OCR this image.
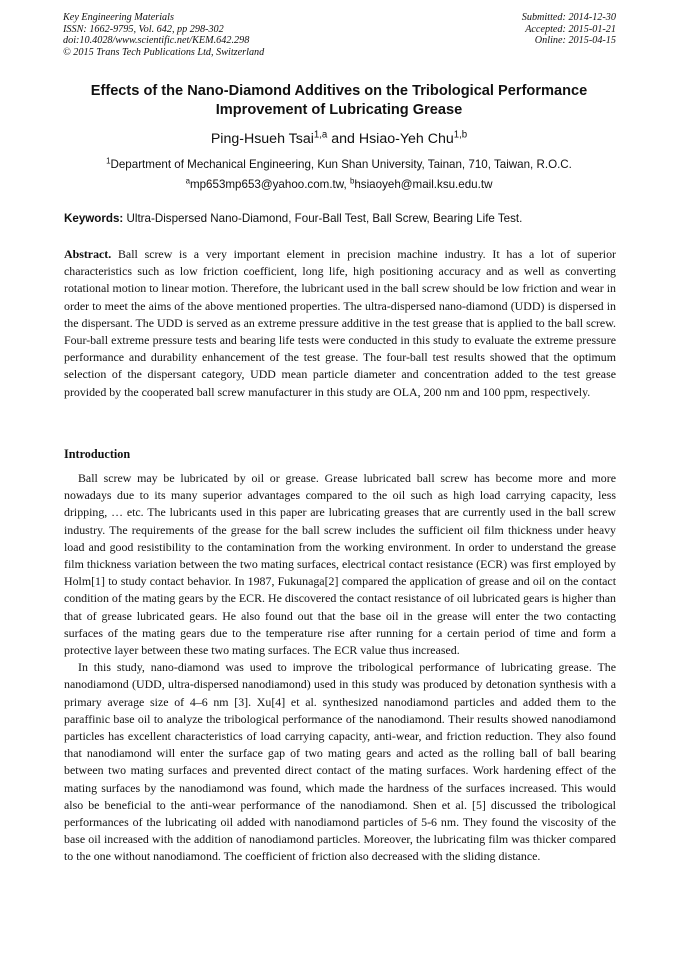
Key Engineering Materials
ISSN: 1662-9795, Vol. 642, pp 298-302
doi:10.4028/www.scientific.net/KEM.642.298
© 2015 Trans Tech Publications Ltd, Switzerland
Submitted: 2014-12-30
Accepted: 2015-01-21
Online: 2015-04-15
Effects of the Nano-Diamond Additives on the Tribological Performance
Improvement of Lubricating Grease
Ping-Hsueh Tsai$^{1,a}$ and Hsiao-Yeh Chu$^{1,b}$
$^1$Department of Mechanical Engineering, Kun Shan University, Tainan, 710, Taiwan, R.O.C.
$^a$mp653mp653@yahoo.com.tw, $^b$hsiaoyeh@mail.ksu.edu.tw
Keywords: Ultra-Dispersed Nano-Diamond, Four-Ball Test, Ball Screw, Bearing Life Test.

Abstract. Ball screw is a very important element in precision machine industry. It has a lot of superior characteristics such as low friction coefficient, long life, high positioning accuracy and as well as converting rotational motion to linear motion. Therefore, the lubricant used in the ball screw should be low friction and wear in order to meet the aims of the above mentioned properties. The ultra-dispersed nano-diamond (UDD) is dispersed in the dispersant. The UDD is served as an extreme pressure additive in the test grease that is applied to the ball screw. Four-ball extreme pressure tests and bearing life tests were conducted in this study to evaluate the extreme pressure performance and durability enhancement of the test grease. The four-ball test results showed that the optimum selection of the dispersant category, UDD mean particle diameter and concentration added to the test grease provided by the cooperated ball screw manufacturer in this study are OLA, 200 nm and 100 ppm, respectively.

Introduction

Ball screw may be lubricated by oil or grease. Grease lubricated ball screw has become more and more nowadays due to its many superior advantages compared to the oil such as high load carrying capacity, less dripping, … etc. The lubricants used in this paper are lubricating greases that are currently used in the ball screw industry. The requirements of the grease for the ball screw includes the sufficient oil film thickness under heavy load and good resistibility to the contamination from the working environment. In order to understand the grease film thickness variation between the two mating surfaces, electrical contact resistance (ECR) was first employed by Holm[1] to study contact behavior. In 1987, Fukunaga[2] compared the application of grease and oil on the contact condition of the mating gears by the ECR. He discovered the contact resistance of oil lubricated gears is higher than that of grease lubricated gears. He also found out that the base oil in the grease will enter the two contacting surfaces of the mating gears due to the temperature rise after running for a certain period of time and form a protective layer between these two mating surfaces. The ECR value thus increased.

In this study, nano-diamond was used to improve the tribological performance of lubricating grease. The nanodiamond (UDD, ultra-dispersed nanodiamond) used in this study was produced by detonation synthesis with a primary average size of 4–6 nm [3]. Xu[4] et al. synthesized nanodiamond particles and added them to the paraffinic base oil to analyze the tribological performance of the nanodiamond. Their results showed nanodiamond particles has excellent characteristics of load carrying capacity, anti-wear, and friction reduction. They also found that nanodiamond will enter the surface gap of two mating gears and acted as the rolling ball of ball bearing between two mating surfaces and prevented direct contact of the mating surfaces. Work hardening effect of the mating surfaces by the nanodiamond was found, which made the hardness of the surfaces increased. This would also be beneficial to the anti-wear performance of the nanodiamond. Shen et al. [5] discussed the tribological performances of the lubricating oil added with nanodiamond particles of 5-6 nm. They found the viscosity of the base oil increased with the addition of nanodiamond particles. Moreover, the lubricating film was thicker compared to the one without nanodiamond. The coefficient of friction also decreased with the sliding distance.
